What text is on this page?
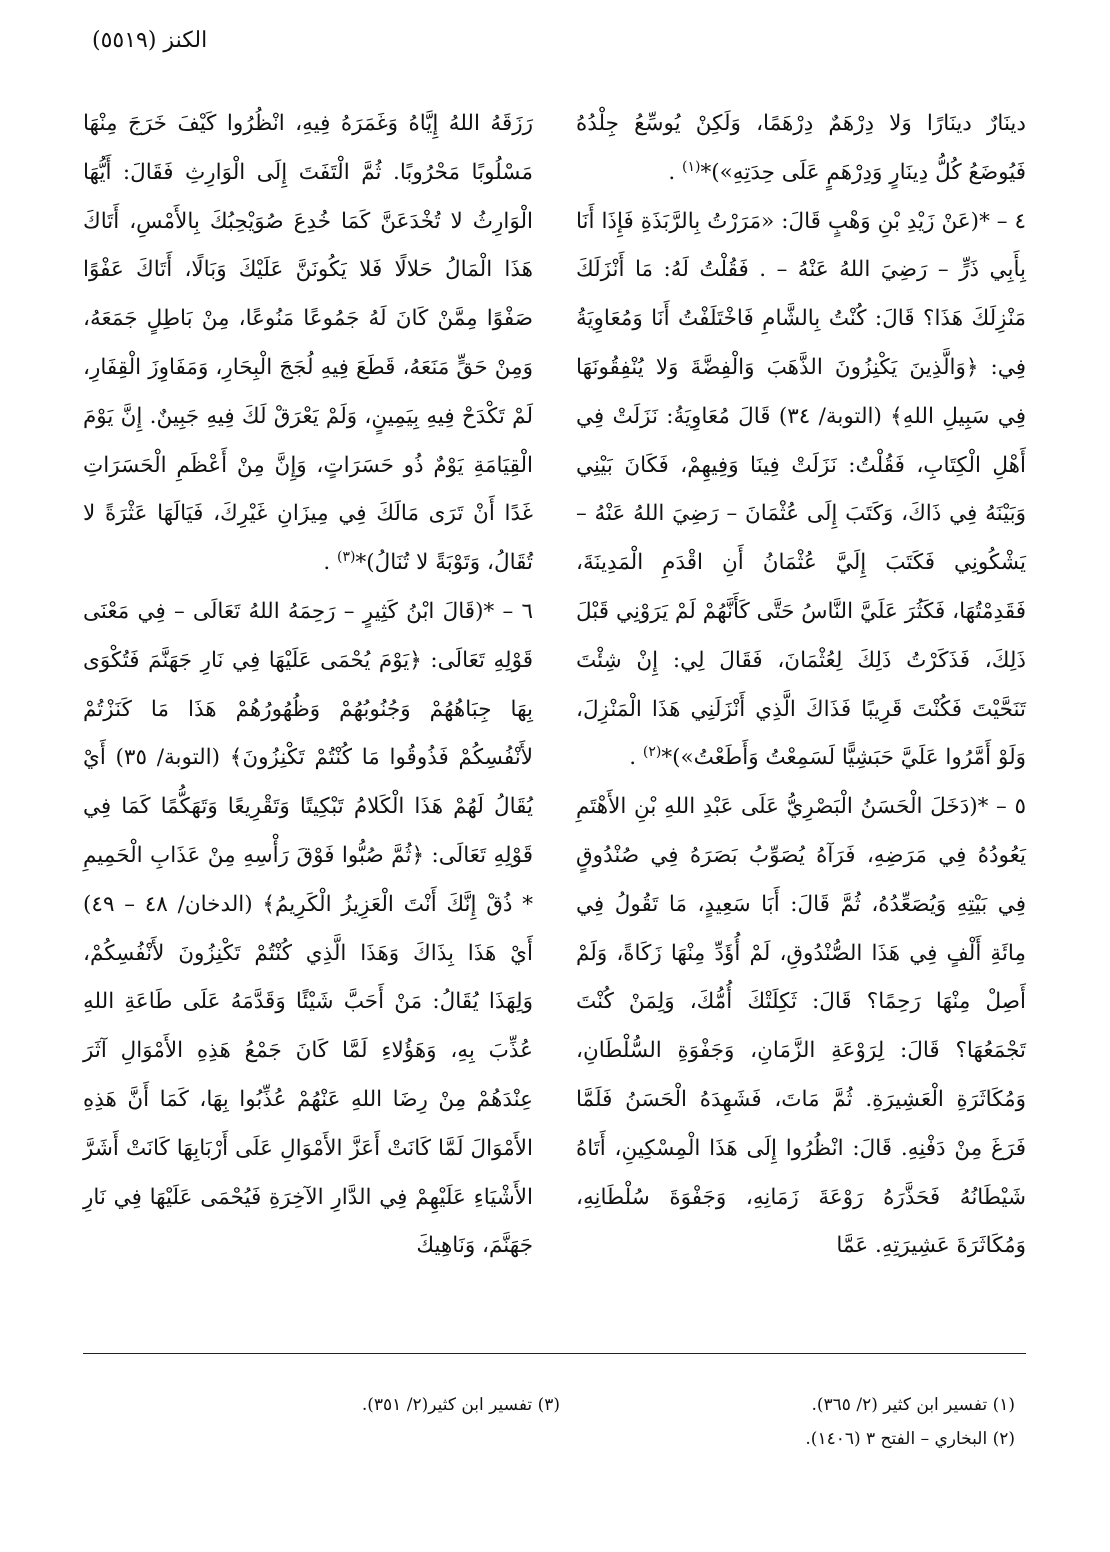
الكنز (٥٥١٩)

دينَارٌ دينَارًا وَلا دِرْهَمٌ دِرْهَمًا، وَلَكِنْ يُوسِّعُ جِلْدُهُ فَيُوضَعُ كُلُّ دِينَارٍ وَدِرْهَمٍ عَلَى حِدَتِهِ»)*$^{(١)}$ .

٤ – *(عَنْ زَيْدِ بْنِ وَهْبٍ قَالَ: «مَرَرْتُ بِالرَّبَذَةِ فَإِذَا أَنَا بِأَبِي ذَرٍّ – رَضِيَ اللهُ عَنْهُ – . فَقُلْتُ لَهُ: مَا أَنْزَلَكَ مَنْزِلَكَ هَذَا؟ قَالَ: كُنْتُ بِالشَّامِ فَاخْتَلَفْتُ أَنَا وَمُعَاوِيَةُ فِي: ﴿وَالَّذِينَ يَكْنِزُونَ الذَّهَبَ وَالْفِضَّةَ وَلا يُنْفِقُونَهَا فِي سَبِيلِ اللهِ﴾ (التوبة/ ٣٤) قَالَ مُعَاوِيَةُ: نَزَلَتْ فِي أَهْلِ الْكِتَابِ، فَقُلْتُ: نَزَلَتْ فِينَا وَفِيهِمْ، فَكَانَ بَيْنِي وَبَيْنَهُ فِي ذَاكَ، وَكَتَبَ إِلَى عُثْمَانَ – رَضِيَ اللهُ عَنْهُ – يَشْكُونِي فَكَتَبَ إِلَيَّ عُثْمَانُ أَنِ اقْدَمِ الْمَدِينَةَ، فَقَدِمْتُهَا، فَكَثُرَ عَلَيَّ النَّاسُ حَتَّى كَأَنَّهُمْ لَمْ يَرَوْنِي قَبْلَ ذَلِكَ، فَذَكَرْتُ ذَلِكَ لِعُثْمَانَ، فَقَالَ لِي: إِنْ شِئْتَ تَنَحَّيْتَ فَكُنْتَ قَرِيبًا فَذَاكَ الَّذِي أَنْزَلَنِي هَذَا الْمَنْزِلَ، وَلَوْ أَمَّرُوا عَلَيَّ حَبَشِيًّا لَسَمِعْتُ وَأَطَعْتُ»)*$^{(٢)}$ .

٥ – *(دَخَلَ الْحَسَنُ الْبَصْرِيُّ عَلَى عَبْدِ اللهِ بْنِ الأَهْتَمِ يَعُودُهُ فِي مَرَضِهِ، فَرَآهُ يُصَوِّبُ بَصَرَهُ فِي صُنْدُوقٍ فِي بَيْتِهِ وَيُصَعِّدُهُ، ثُمَّ قَالَ: أَبَا سَعِيدٍ، مَا تَقُولُ فِي مِائَةِ أَلْفٍ فِي هَذَا الصُّنْدُوقِ، لَمْ أُؤَدِّ مِنْهَا زَكَاةً، وَلَمْ أَصِلْ مِنْهَا رَحِمًا؟ قَالَ: ثَكِلَتْكَ أُمُّكَ، وَلِمَنْ كُنْتَ تَجْمَعُهَا؟ قَالَ: لِرَوْعَةِ الزَّمَانِ، وَجَفْوَةِ السُّلْطَانِ، وَمُكَاثَرَةِ الْعَشِيرَةِ. ثُمَّ مَاتَ، فَشَهِدَهُ الْحَسَنُ فَلَمَّا فَرَغَ مِنْ دَفْنِهِ. قَالَ: انْظُرُوا إِلَى هَذَا الْمِسْكِينِ، أَتَاهُ شَيْطَانُهُ فَحَذَّرَهُ رَوْعَةَ زَمَانِهِ، وَجَفْوَةَ سُلْطَانِهِ، وَمُكَاثَرَةَ عَشِيرَتِهِ. عَمَّا

رَزَقَهُ اللهُ إِيَّاهُ وَغَمَرَهُ فِيهِ، انْظُرُوا كَيْفَ خَرَجَ مِنْهَا مَسْلُوبًا مَحْرُوبًا. ثُمَّ الْتَفَتَ إِلَى الْوَارِثِ فَقَالَ: أَيُّهَا الْوَارِثُ لا تُخْدَعَنَّ كَمَا خُدِعَ صُوَيْحِبُكَ بِالأَمْسِ، أَتَاكَ هَذَا الْمَالُ حَلالًا فَلا يَكُونَنَّ عَلَيْكَ وَبَالًا، أَتَاكَ عَفْوًا صَفْوًا مِمَّنْ كَانَ لَهُ جَمُوعًا مَنُوعًا، مِنْ بَاطِلٍ جَمَعَهُ، وَمِنْ حَقٍّ مَنَعَهُ، قَطَعَ فِيهِ لُجَجَ الْبِحَارِ، وَمَفَاوِزَ الْقِفَارِ، لَمْ تَكْدَحْ فِيهِ بِيَمِينٍ، وَلَمْ يَعْرَقْ لَكَ فِيهِ جَبِينٌ. إِنَّ يَوْمَ الْقِيَامَةِ يَوْمٌ ذُو حَسَرَاتٍ، وَإِنَّ مِنْ أَعْظَمِ الْحَسَرَاتِ غَدًا أَنْ تَرَى مَالَكَ فِي مِيزَانِ غَيْرِكَ، فَيَالَهَا عَثْرَةً لا تُقَالُ، وَتَوْبَةً لا تُنَالُ)*$^{(٣)}$ .

٦ – *(قَالَ ابْنُ كَثِيرٍ – رَحِمَهُ اللهُ تَعَالَى – فِي مَعْنَى قَوْلِهِ تَعَالَى: ﴿يَوْمَ يُحْمَى عَلَيْهَا فِي نَارِ جَهَنَّمَ فَتُكْوَى بِهَا جِبَاهُهُمْ وَجُنُوبُهُمْ وَظُهُورُهُمْ هَذَا مَا كَنَزْتُمْ لأَنْفُسِكُمْ فَذُوقُوا مَا كُنْتُمْ تَكْنِزُونَ﴾ (التوبة/ ٣٥) أَيْ يُقَالُ لَهُمْ هَذَا الْكَلامُ تَبْكِيتًا وَتَقْرِيعًا وَتَهَكُّمًا كَمَا فِي قَوْلِهِ تَعَالَى: ﴿ثُمَّ صُبُّوا فَوْقَ رَأْسِهِ مِنْ عَذَابِ الْحَمِيمِ * ذُقْ إِنَّكَ أَنْتَ الْعَزِيزُ الْكَرِيمُ﴾ (الدخان/ ٤٨ – ٤٩) أَيْ هَذَا بِذَاكَ وَهَذَا الَّذِي كُنْتُمْ تَكْنِزُونَ لأَنْفُسِكُمْ، وَلِهَذَا يُقَالُ: مَنْ أَحَبَّ شَيْئًا وَقَدَّمَهُ عَلَى طَاعَةِ اللهِ عُذِّبَ بِهِ، وَهَؤُلاءِ لَمَّا كَانَ جَمْعُ هَذِهِ الأَمْوَالِ آثَرَ عِنْدَهُمْ مِنْ رِضَا اللهِ عَنْهُمْ عُذِّبُوا بِهَا، كَمَا أَنَّ هَذِهِ الأَمْوَالَ لَمَّا كَانَتْ أَعَزَّ الأَمْوَالِ عَلَى أَرْبَابِهَا كَانَتْ أَشَرَّ الأَشْيَاءِ عَلَيْهِمْ فِي الدَّارِ الآخِرَةِ فَيُحْمَى عَلَيْهَا فِي نَارِ جَهَنَّمَ، وَنَاهِيكَ

(١) تفسير ابن كثير (٢/ ٣٦٥).
(٢) البخاري – الفتح ٣ (١٤٠٦).
(٣) تفسير ابن كثير(٢/ ٣٥١).
